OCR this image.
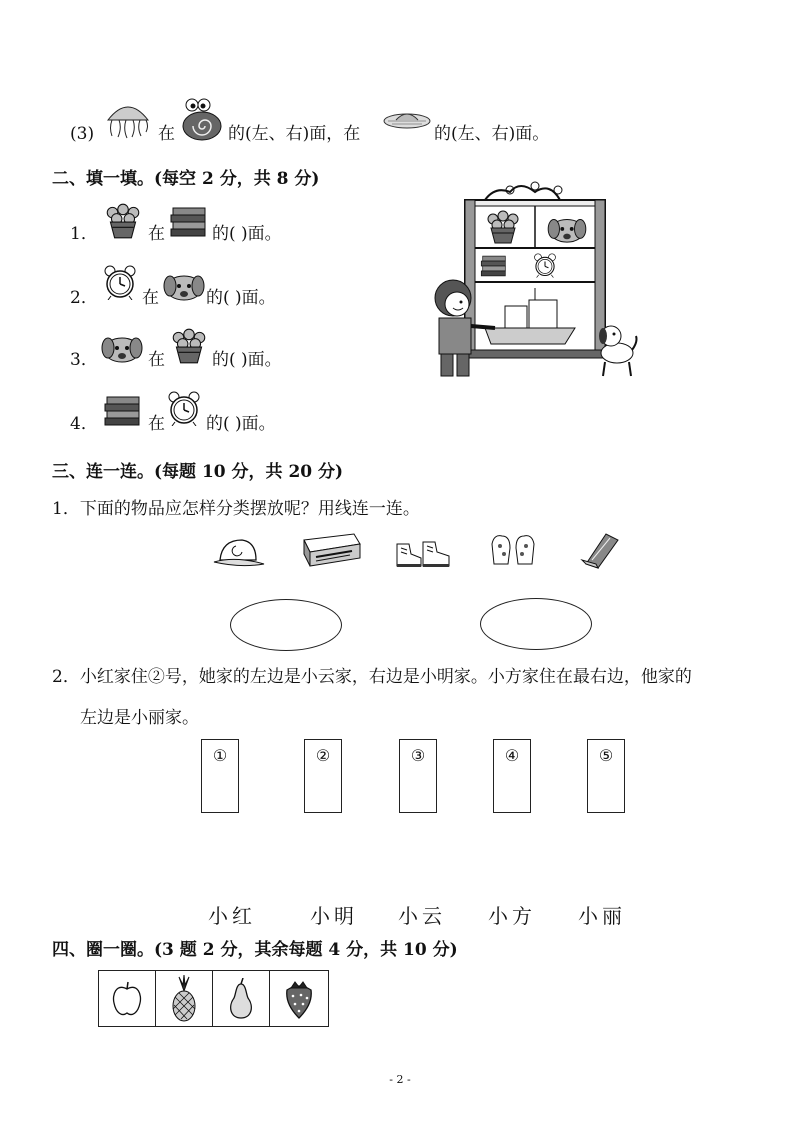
(3)	在	的(左、右)面，在	的(左、右)面。
二、填一填。(每空 2 分，共 8 分)
1．	在	的( )面。
2．	在	的( )面。
3．	在	的( )面。
4．	在 的( )面。
三、连一连。(每题 10 分，共 20 分)
1．下面的物品应怎样分类摆放呢？用线连一连。
2．小红家住②号，她家的左边是小云家，右边是小明家。小方家住在最右边，他家的
左边是小丽家。
①	②	③	④	⑤
小红	小明 小云 小方 小丽
四、圈一圈。(3 题 2 分，其余每题 4 分，共 10 分)
- 2 -
